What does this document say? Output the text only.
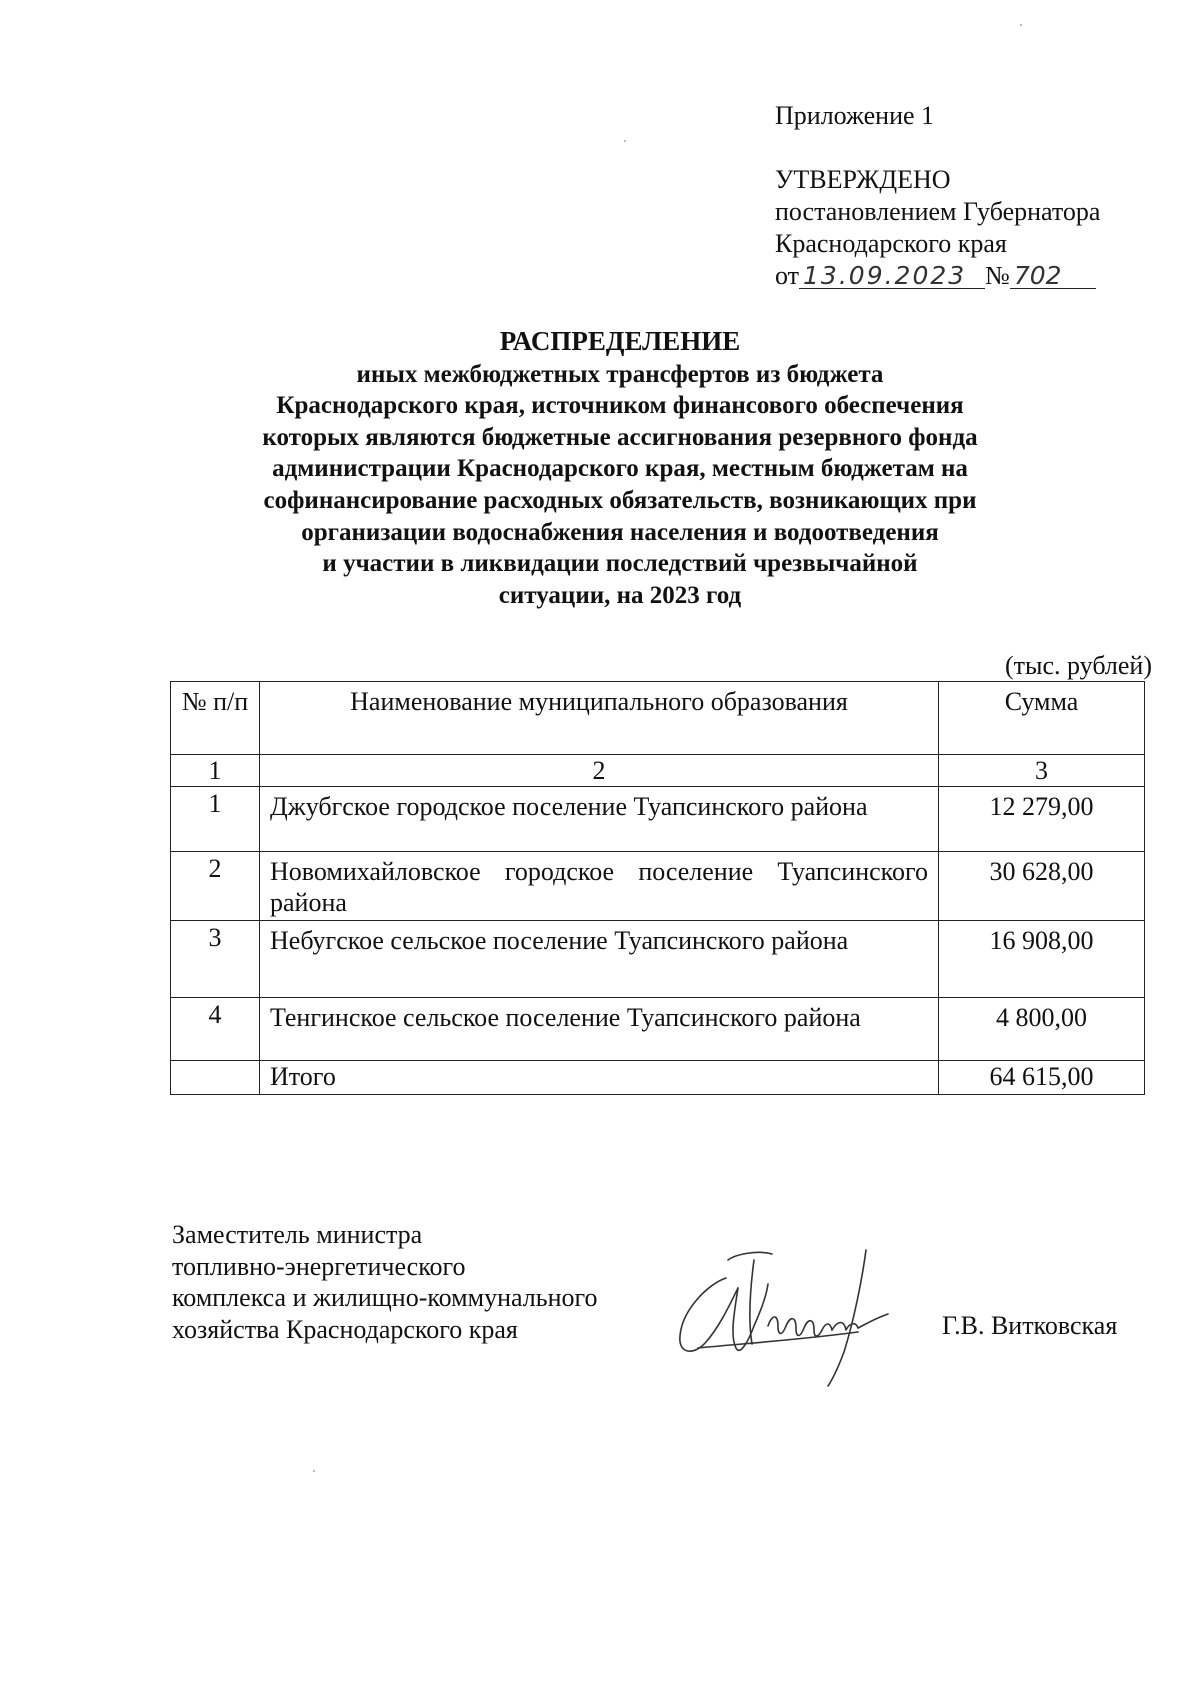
Приложение 1
УТВЕРЖДЕНО
постановлением Губернатора
Краснодарского края
от 13.09.2023 № 702
РАСПРЕДЕЛЕНИЕ
иных межбюджетных трансфертов из бюджета
Краснодарского края, источником финансового обеспечения
которых являются бюджетные ассигнования резервного фонда
администрации Краснодарского края, местным бюджетам на
софинансирование расходных обязательств, возникающих при
организации водоснабжения населения и водоотведения
и участии в ликвидации последствий чрезвычайной
ситуации, на 2023 год
(тыс. рублей)
№ п/п	Наименование муниципального образования	Сумма
1	2	3
1	Джубгское городское поселение Туапсинского района	12 279,00
2	Новомихайловское городское поселение Туапсинского района	30 628,00
3	Небугское сельское поселение Туапсинского района	16 908,00
4	Тенгинское сельское поселение Туапсинского района	4 800,00
	Итого	64 615,00
Заместитель министра
топливно-энергетического
комплекса и жилищно-коммунального
хозяйства Краснодарского края	Г.В. Витковская
